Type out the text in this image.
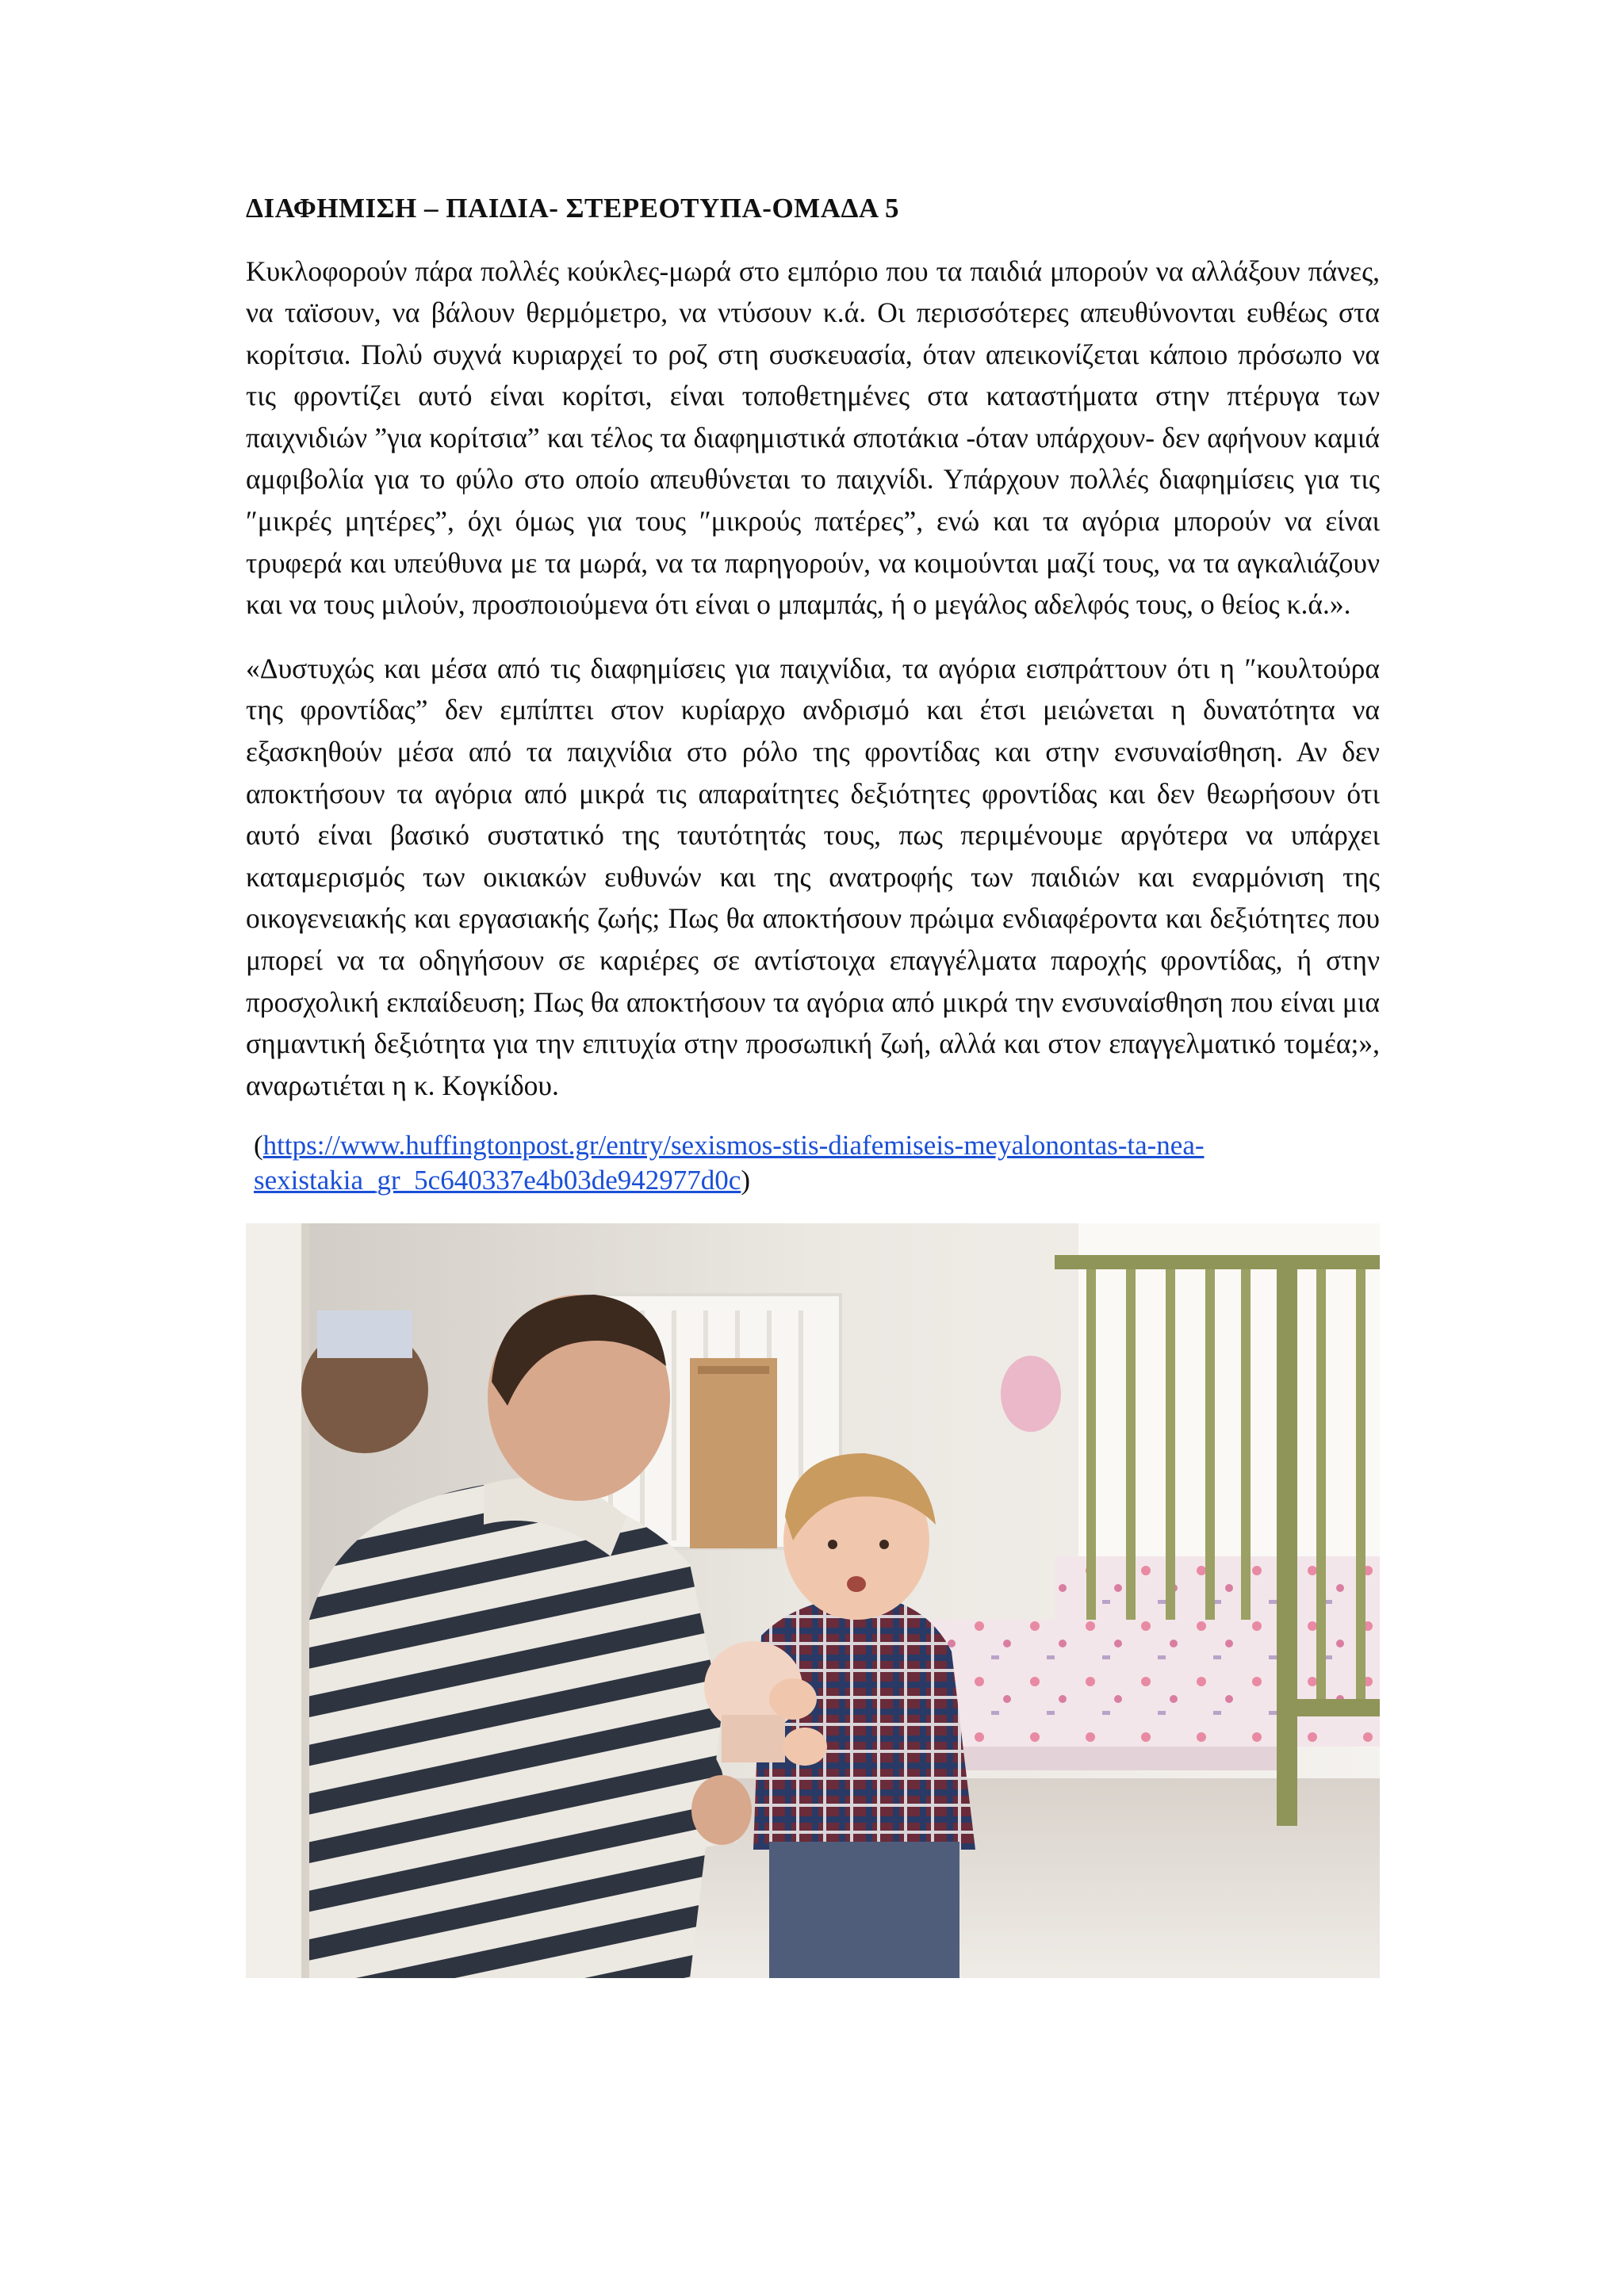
ΔΙΑΦΗΜΙΣΗ – ΠΑΙΔΙΑ- ΣΤΕΡΕΟΤΥΠΑ-ΟΜΑΔΑ 5

Κυκλοφορούν πάρα πολλές κούκλες-μωρά στο εμπόριο που τα παιδιά μπορούν να αλλάξουν πάνες, να ταϊσουν, να βάλουν θερμόμετρο, να ντύσουν κ.ά. Οι περισσότερες απευθύνονται ευθέως στα κορίτσια. Πολύ συχνά κυριαρχεί το ροζ στη συσκευασία, όταν απεικονίζεται κάποιο πρόσωπο να τις φροντίζει αυτό είναι κορίτσι, είναι τοποθετημένες στα καταστήματα στην πτέρυγα των παιχνιδιών ”για κορίτσια” και τέλος τα διαφημιστικά σποτάκια -όταν υπάρχουν- δεν αφήνουν καμιά αμφιβολία για το φύλο στο οποίο απευθύνεται το παιχνίδι. Υπάρχουν πολλές διαφημίσεις για τις ″μικρές μητέρες”, όχι όμως για τους ″μικρούς πατέρες”, ενώ και τα αγόρια μπορούν να είναι τρυφερά και υπεύθυνα με τα μωρά, να τα παρηγορούν, να κοιμούνται μαζί τους, να τα αγκαλιάζουν και να τους μιλούν, προσποιούμενα ότι είναι ο μπαμπάς, ή ο μεγάλος αδελφός τους, ο θείος κ.ά.».

«Δυστυχώς και μέσα από τις διαφημίσεις για παιχνίδια, τα αγόρια εισπράττουν ότι η ″κουλτούρα της φροντίδας” δεν εμπίπτει στον κυρίαρχο ανδρισμό και έτσι μειώνεται η δυνατότητα να εξασκηθούν μέσα από τα παιχνίδια στο ρόλο της φροντίδας και στην ενσυναίσθηση. Αν δεν αποκτήσουν τα αγόρια από μικρά τις απαραίτητες δεξιότητες φροντίδας και δεν θεωρήσουν ότι αυτό είναι βασικό συστατικό της ταυτότητάς τους, πως περιμένουμε αργότερα να υπάρχει καταμερισμός των οικιακών ευθυνών και της ανατροφής των παιδιών και εναρμόνιση της οικογενειακής και εργασιακής ζωής; Πως θα αποκτήσουν πρώιμα ενδιαφέροντα και δεξιότητες που μπορεί να τα οδηγήσουν σε καριέρες σε αντίστοιχα επαγγέλματα παροχής φροντίδας, ή στην προσχολική εκπαίδευση; Πως θα αποκτήσουν τα αγόρια από μικρά την ενσυναίσθηση που είναι μια σημαντική δεξιότητα για την επιτυχία στην προσωπική ζωή, αλλά και στον επαγγελματικό τομέα;», αναρωτιέται η κ. Κογκίδου.

(https://www.huffingtonpost.gr/entry/sexismos-stis-diafemiseis-meyalonontas-ta-nea-sexistakia_gr_5c640337e4b03de942977d0c)
